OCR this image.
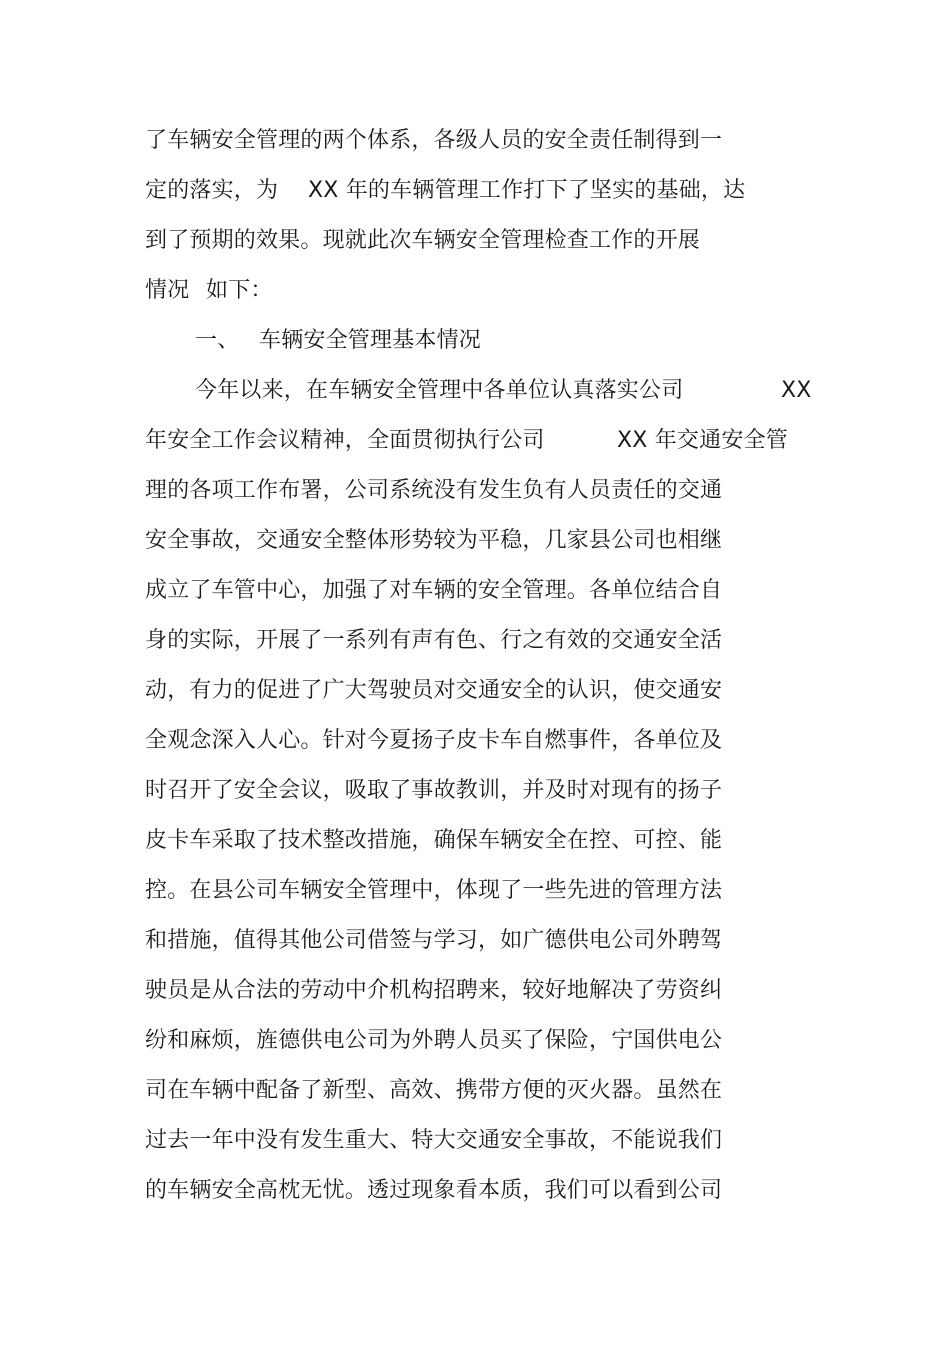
了车辆安全管理的两个体系，各级人员的安全责任制得到一
定的落实，为 XX 年的车辆管理工作打下了坚实的基础，达
到了预期的效果。现就此次车辆安全管理检查工作的开展
情况 如下：
一、 车辆安全管理基本情况
今年以来，在车辆安全管理中各单位认真落实公司	XX
年安全工作会议精神，全面贯彻执行公司	XX 年交通安全管
理的各项工作布署，公司系统没有发生负有人员责任的交通
安全事故，交通安全整体形势较为平稳，几家县公司也相继
成立了车管中心，加强了对车辆的安全管理。各单位结合自
身的实际，开展了一系列有声有色、行之有效的交通安全活
动，有力的促进了广大驾驶员对交通安全的认识，使交通安
全观念深入人心。针对今夏扬子皮卡车自燃事件，各单位及
时召开了安全会议，吸取了事故教训，并及时对现有的扬子
皮卡车采取了技术整改措施，确保车辆安全在控、可控、能
控。在县公司车辆安全管理中，体现了一些先进的管理方法
和措施，值得其他公司借签与学习，如广德供电公司外聘驾
驶员是从合法的劳动中介机构招聘来，较好地解决了劳资纠
纷和麻烦，旌德供电公司为外聘人员买了保险，宁国供电公
司在车辆中配备了新型、高效、携带方便的灭火器。虽然在
过去一年中没有发生重大、特大交通安全事故，不能说我们
的车辆安全高枕无忧。透过现象看本质，我们可以看到公司
